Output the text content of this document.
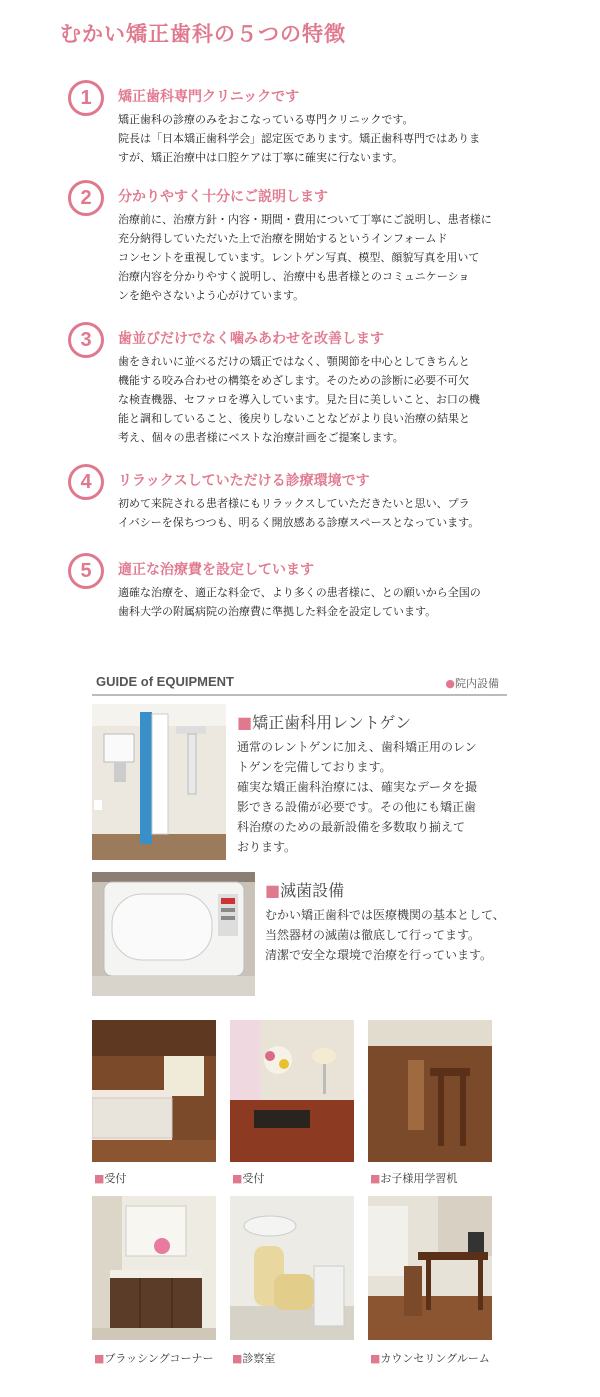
むかい矯正歯科の５つの特徴
1	矯正歯科専門クリニックです
矯正歯科の診療のみをおこなっている専門クリニックです。
院長は「日本矯正歯科学会」認定医であります。矯正歯科専門ではありま
すが、矯正治療中は口腔ケアは丁寧に確実に行ないます。
2	分かりやすく十分にご説明します
治療前に、治療方針・内容・期間・費用について丁寧にご説明し、患者様に
充分納得していただいた上で治療を開始するというインフォームド
コンセントを重視しています。レントゲン写真、模型、顔貌写真を用いて
治療内容を分かりやすく説明し、治療中も患者様とのコミュニケーショ
ンを絶やさないよう心がけています。
3	歯並びだけでなく噛みあわせを改善します
歯をきれいに並べるだけの矯正ではなく、顎関節を中心としてきちんと
機能する咬み合わせの構築をめざします。そのための診断に必要不可欠
な検査機器、セファロを導入しています。見た目に美しいこと、お口の機
能と調和していること、後戻りしないことなどがより良い治療の結果と
考え、個々の患者様にベストな治療計画をご提案します。
4	リラックスしていただける診療環境です
初めて来院される患者様にもリラックスしていただきたいと思い、プラ
イバシーを保ちつつも、明るく開放感ある診療スペースとなっています。
5	適正な治療費を設定しています
適確な治療を、適正な料金で、より多くの患者様に、との願いから全国の
歯科大学の附属病院の治療費に準拠した料金を設定しています。
GUIDE of EQUIPMENT	●院内設備
■矯正歯科用レントゲン
通常のレントゲンに加え、歯科矯正用のレン
トゲンを完備しております。
確実な矯正歯科治療には、確実なデータを撮
影できる設備が必要です。その他にも矯正歯
科治療のための最新設備を多数取り揃えて
おります。
■滅菌設備
むかい矯正歯科では医療機関の基本として、
当然器材の滅菌は徹底して行ってます。
清潔で安全な環境で治療を行っています。
■受付	■受付	■お子様用学習机
■ブラッシングコーナー ■診察室	■カウンセリングルーム
